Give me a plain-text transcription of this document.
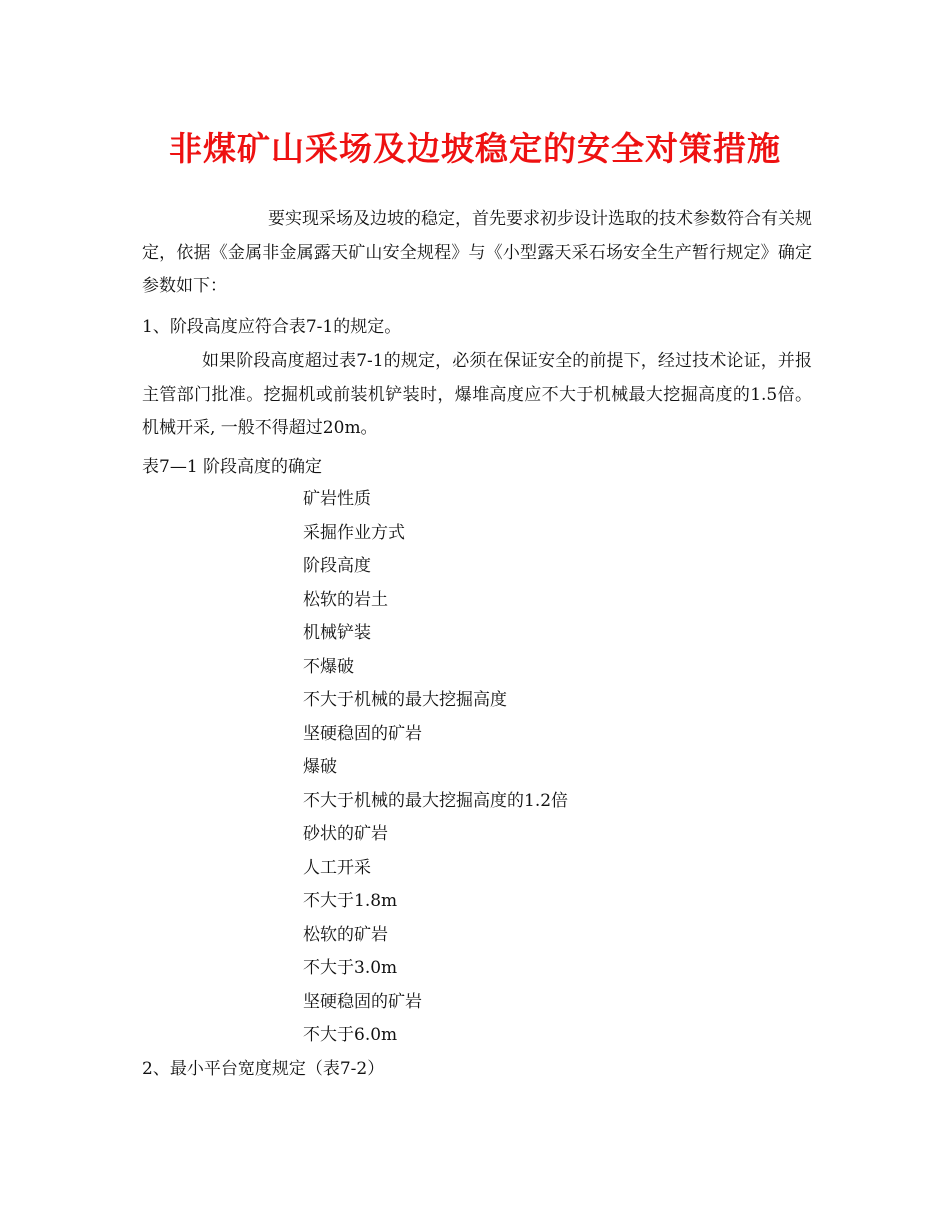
非煤矿山采场及边坡稳定的安全对策措施
要实现采场及边坡的稳定，首先要求初步设计选取的技术参数符合有关规定，依据《金属非金属露天矿山安全规程》与《小型露天采石场安全生产暂行规定》确定参数如下：
1、阶段高度应符合表7-1的规定。
如果阶段高度超过表7-1的规定，必须在保证安全的前提下，经过技术论证，并报主管部门批准。挖掘机或前装机铲装时，爆堆高度应不大于机械最大挖掘高度的1.5倍。机械开采, 一般不得超过20m。
表7—1 阶段高度的确定
矿岩性质
采掘作业方式
阶段高度
松软的岩土
机械铲装
不爆破
不大于机械的最大挖掘高度
坚硬稳固的矿岩
爆破
不大于机械的最大挖掘高度的1.2倍
砂状的矿岩
人工开采
不大于1.8m
松软的矿岩
不大于3.0m
坚硬稳固的矿岩
不大于6.0m
2、最小平台宽度规定（表7-2）
